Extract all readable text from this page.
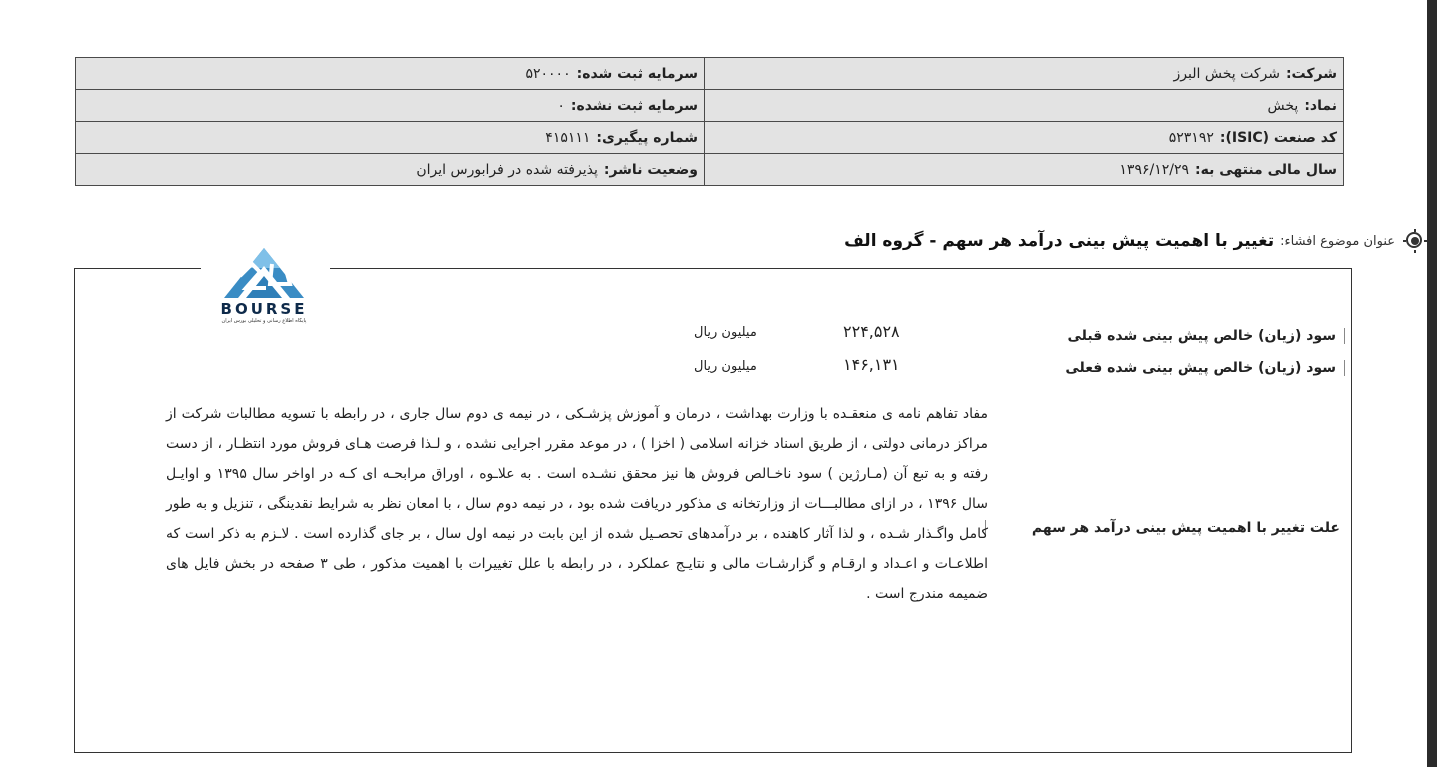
شرکت:شرکت پخش البرز	سرمایه ثبت شده:۵۲۰۰۰۰
نماد:پخش	سرمایه ثبت نشده:۰
کد صنعت (ISIC):۵۲۳۱۹۲	شماره پیگیری:۴۱۵۱۱۱
سال مالی منتهی به:۱۳۹۶/۱۲/۲۹	وضعیت ناشر:پذیرفته شده در فرابورس ایران
عنوان موضوع افشاء:
تغییر با اهمیت پیش بینی درآمد هر سهم - گروه الف
BOURSE
پایگاه اطلاع رسانی و تحلیلی بورس ایران
سود (زیان) خالص پیش بینی شده قبلی
۲۲۴,۵۲۸
میلیون ریال
سود (زیان) خالص پیش بینی شده فعلی
۱۴۶,۱۳۱
میلیون ریال
علت تغییر با اهمیت پیش بینی درآمد هر سهم
مفاد تفاهم نامه ی منعقـده با وزارت بهداشت ، درمان و آموزش پزشـکی ، در نیمه ی دوم سال جاری ، در رابطه با تسویه مطالبات شرکت از مراکز درمانی دولتی ، از طریق اسناد خزانه اسلامی ( اخزا ) ، در موعد مقرر اجرایی نشده ، و لـذا فرصت هـای فروش مورد انتظـار ، از دست رفته و به تبع آن (مـارژین ) سود ناخـالص فروش ها نیز محقق نشـده است . به علاـوه ، اوراق مرابحـه ای کـه در اواخر سال ۱۳۹۵ و اوایـل سال ۱۳۹۶ ، در ازای مطالبـــات از وزارتخانه ی مذکور دریافت شده بود ، در نیمه دوم سال ، با امعان نظر به شرایط نقدینگی ، تنزیل و به طور کامل واگـذار شـده ، و لذا آثار کاهنده ، بر درآمدهای تحصـیل شده از این بابت در نیمه اول سال ، بر جای گذارده است . لاـزم به ذکر است که اطلاعـات و اعـداد و ارقـام و گزارشـات مالی و نتایـج عملکرد ، در رابطه با علل تغییرات با اهمیت مذکور ، طی ۳ صفحه در بخش فایل های ضمیمه مندرج است .
